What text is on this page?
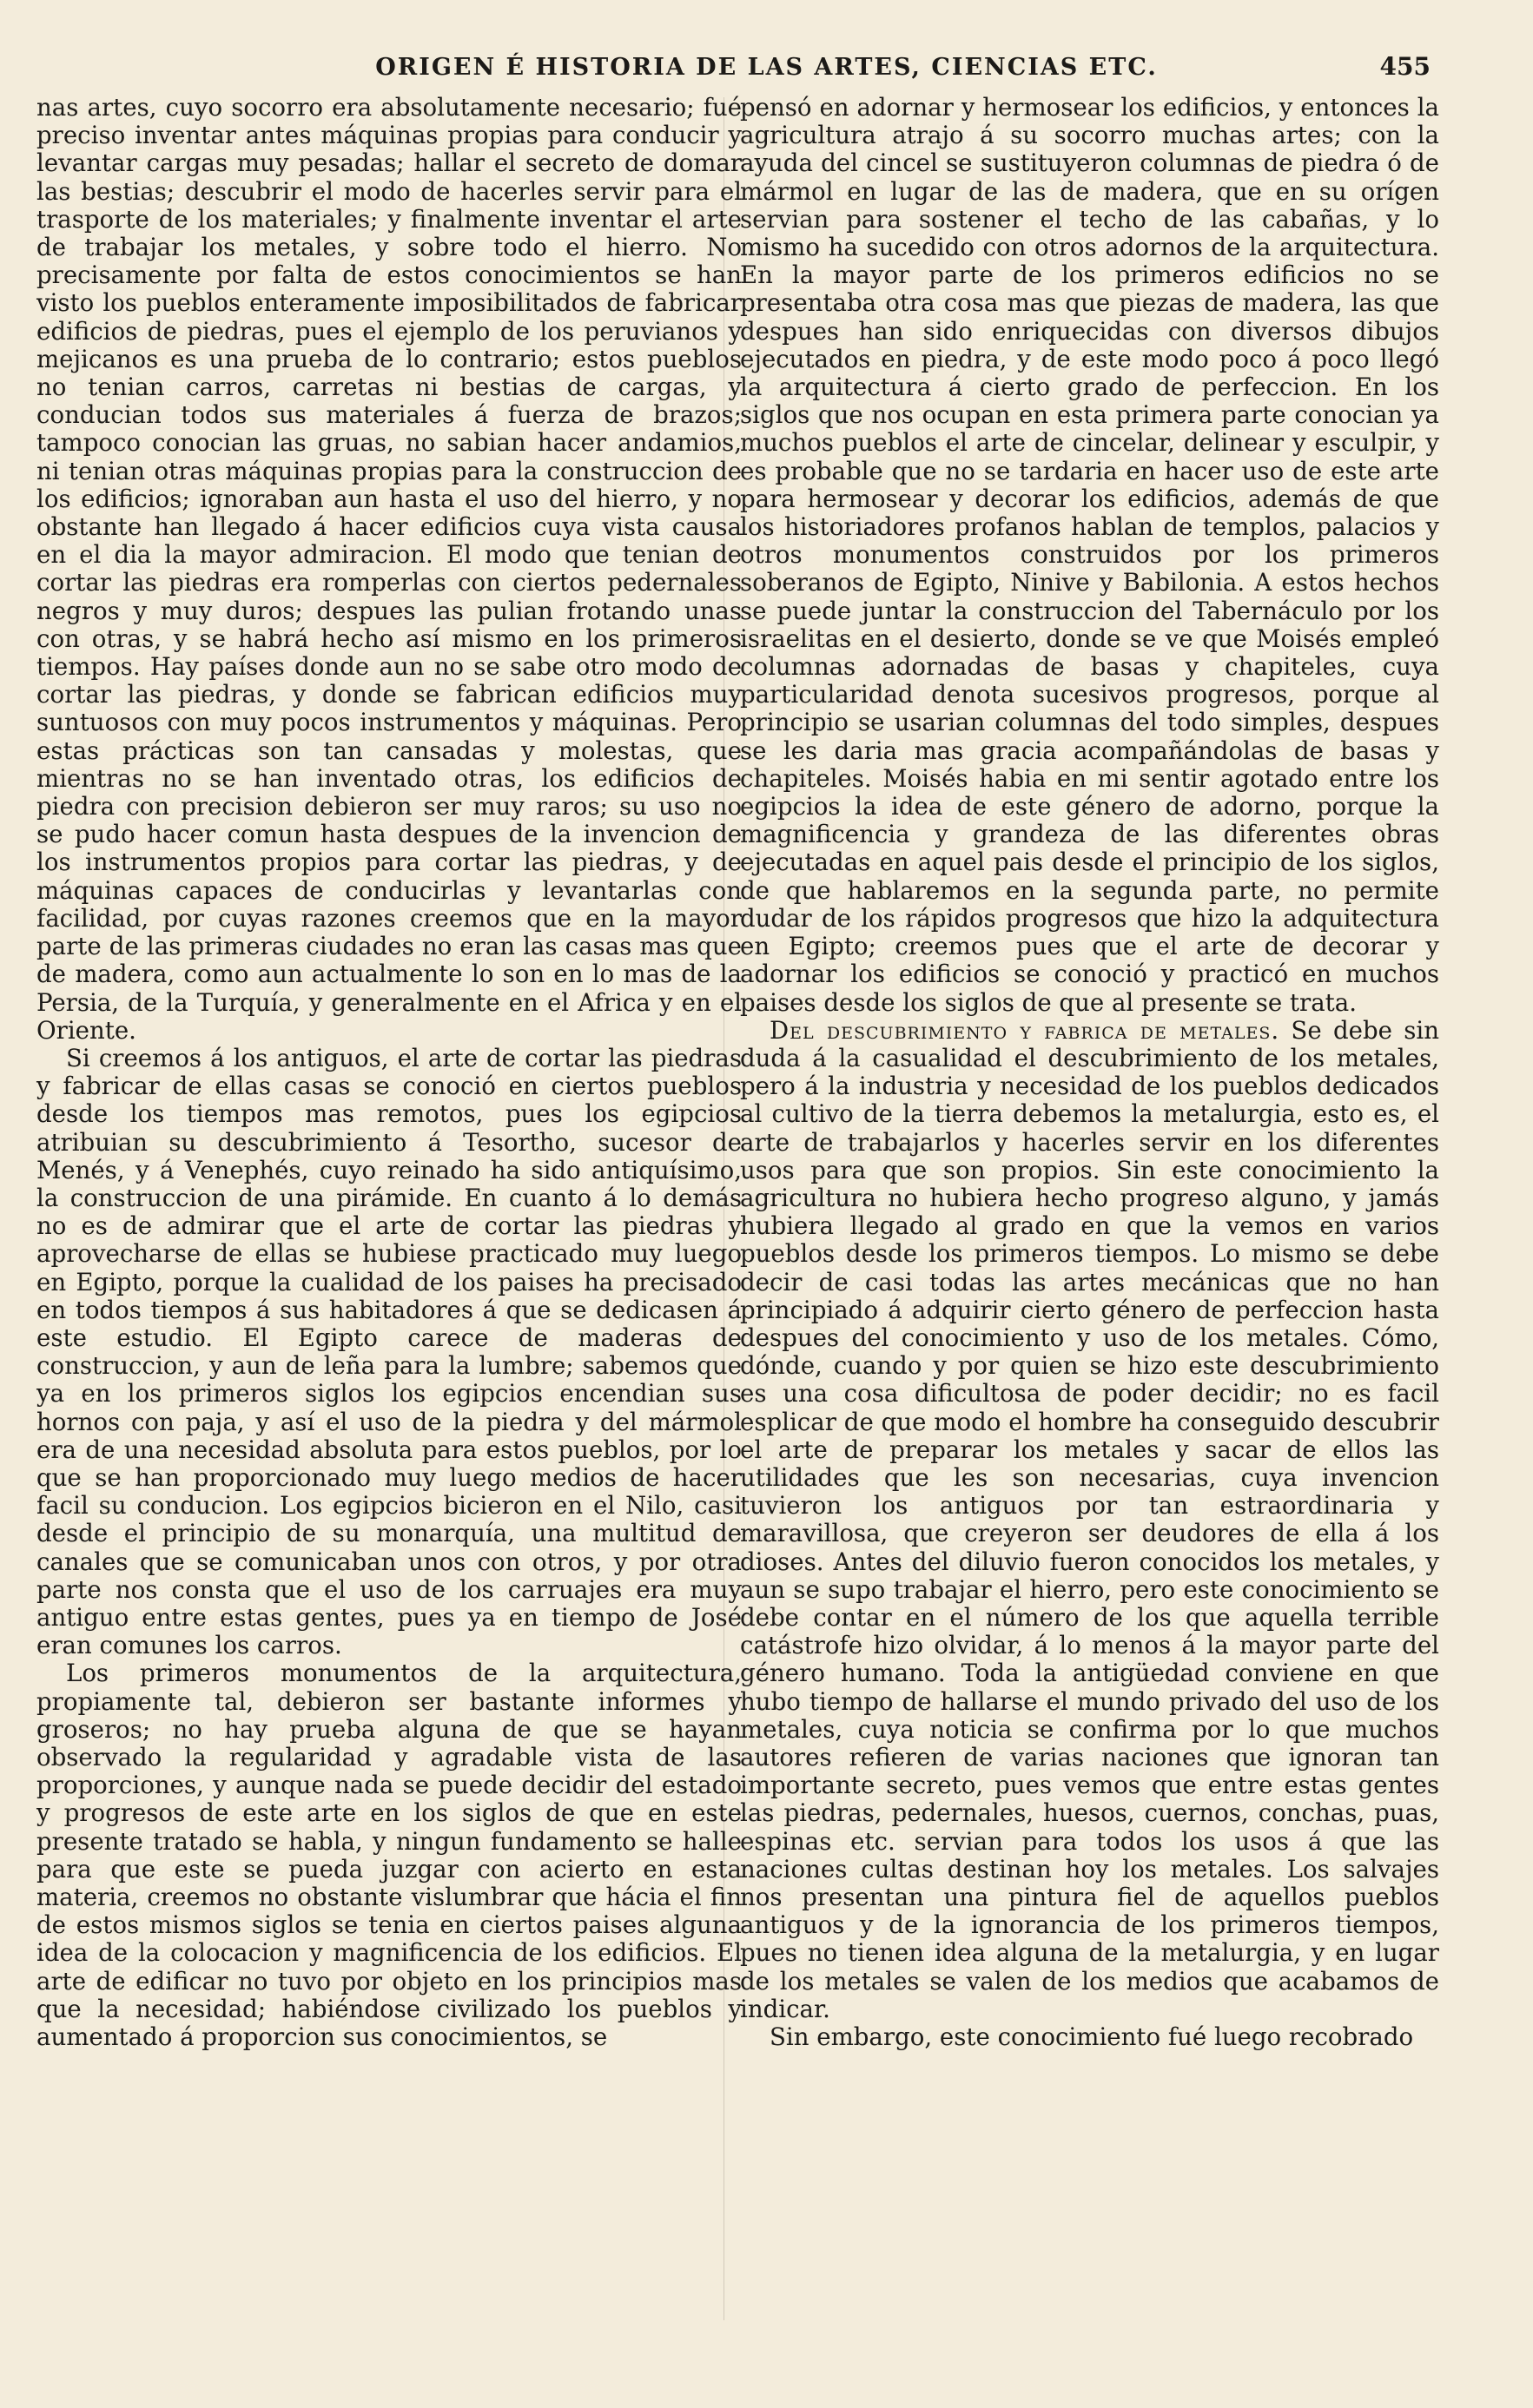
ORIGEN É HISTORIA DE LAS ARTES, CIENCIAS ETC.	455

nas artes, cuyo socorro era absolutamente necesario; fué preciso inventar antes máquinas propias para conducir y levantar cargas muy pesadas; hallar el secreto de domar las bestias; descubrir el modo de hacerles servir para el trasporte de los materiales; y finalmente inventar el arte de trabajar los metales, y sobre todo el hierro. No precisamente por falta de estos conocimientos se han visto los pueblos enteramente imposibilitados de fabricar edificios de piedras, pues el ejemplo de los peruvianos y mejicanos es una prueba de lo contrario; estos pueblos no tenian carros, carretas ni bestias de cargas, y conducian todos sus materiales á fuerza de brazos; tampoco conocian las gruas, no sabian hacer andamios, ni tenian otras máquinas propias para la construccion de los edificios; ignoraban aun hasta el uso del hierro, y no obstante han llegado á hacer edificios cuya vista causa en el dia la mayor admiracion. El modo que tenian de cortar las piedras era romperlas con ciertos pedernales negros y muy duros; despues las pulian frotando unas con otras, y se habrá hecho así mismo en los primeros tiempos. Hay países donde aun no se sabe otro modo de cortar las piedras, y donde se fabrican edificios muy suntuosos con muy pocos instrumentos y máquinas. Pero estas prácticas son tan cansadas y molestas, que mientras no se han inventado otras, los edificios de piedra con precision debieron ser muy raros; su uso no se pudo hacer comun hasta despues de la invencion de los instrumentos propios para cortar las piedras, y de máquinas capaces de conducirlas y levantarlas con facilidad, por cuyas razones creemos que en la mayor parte de las primeras ciudades no eran las casas mas que de madera, como aun actualmente lo son en lo mas de la Persia, de la Turquía, y generalmente en el Africa y en el Oriente.

Si creemos á los antiguos, el arte de cortar las piedras y fabricar de ellas casas se conoció en ciertos pueblos desde los tiempos mas remotos, pues los egipcios atribuian su descubrimiento á Tesortho, sucesor de Menés, y á Venephés, cuyo reinado ha sido antiquísimo, la construccion de una pirámide. En cuanto á lo demás no es de admirar que el arte de cortar las piedras y aprovecharse de ellas se hubiese practicado muy luego en Egipto, porque la cualidad de los paises ha precisado en todos tiempos á sus habitadores á que se dedicasen á este estudio. El Egipto carece de maderas de construccion, y aun de leña para la lumbre; sabemos que ya en los primeros siglos los egipcios encendian sus hornos con paja, y así el uso de la piedra y del mármol era de una necesidad absoluta para estos pueblos, por lo que se han proporcionado muy luego medios de hacer facil su conducion. Los egipcios bicieron en el Nilo, casi desde el principio de su monarquía, una multitud de canales que se comunicaban unos con otros, y por otra parte nos consta que el uso de los carruajes era muy antiguo entre estas gentes, pues ya en tiempo de José eran comunes los carros.

Los primeros monumentos de la arquitectura, propiamente tal, debieron ser bastante informes y groseros; no hay prueba alguna de que se hayan observado la regularidad y agradable vista de las proporciones, y aunque nada se puede decidir del estado y progresos de este arte en los siglos de que en este presente tratado se habla, y ningun fundamento se halle para que este se pueda juzgar con acierto en esta materia, creemos no obstante vislumbrar que hácia el fin de estos mismos siglos se tenia en ciertos paises alguna idea de la colocacion y magnificencia de los edificios. El arte de edificar no tuvo por objeto en los principios mas que la necesidad; habiéndose civilizado los pueblos y aumentado á proporcion sus conocimientos, se

pensó en adornar y hermosear los edificios, y entonces la agricultura atrajo á su socorro muchas artes; con la ayuda del cincel se sustituyeron columnas de piedra ó de mármol en lugar de las de madera, que en su orígen servian para sostener el techo de las cabañas, y lo mismo ha sucedido con otros adornos de la arquitectura. En la mayor parte de los primeros edificios no se presentaba otra cosa mas que piezas de madera, las que despues han sido enriquecidas con diversos dibujos ejecutados en piedra, y de este modo poco á poco llegó la arquitectura á cierto grado de perfeccion. En los siglos que nos ocupan en esta primera parte conocian ya muchos pueblos el arte de cincelar, delinear y esculpir, y es probable que no se tardaria en hacer uso de este arte para hermosear y decorar los edificios, además de que los historiadores profanos hablan de templos, palacios y otros monumentos construidos por los primeros soberanos de Egipto, Ninive y Babilonia. A estos hechos se puede juntar la construccion del Tabernáculo por los israelitas en el desierto, donde se ve que Moisés empleó columnas adornadas de basas y chapiteles, cuya particularidad denota sucesivos progresos, porque al principio se usarian columnas del todo simples, despues se les daria mas gracia acompañándolas de basas y chapiteles. Moisés habia en mi sentir agotado entre los egipcios la idea de este género de adorno, porque la magnificencia y grandeza de las diferentes obras ejecutadas en aquel pais desde el principio de los siglos, de que hablaremos en la segunda parte, no permite dudar de los rápidos progresos que hizo la adquitectura en Egipto; creemos pues que el arte de decorar y adornar los edificios se conoció y practicó en muchos paises desde los siglos de que al presente se trata.

Del descubrimiento y fabrica de metales. Se debe sin duda á la casualidad el descubrimiento de los metales, pero á la industria y necesidad de los pueblos dedicados al cultivo de la tierra debemos la metalurgia, esto es, el arte de trabajarlos y hacerles servir en los diferentes usos para que son propios. Sin este conocimiento la agricultura no hubiera hecho progreso alguno, y jamás hubiera llegado al grado en que la vemos en varios pueblos desde los primeros tiempos. Lo mismo se debe decir de casi todas las artes mecánicas que no han principiado á adquirir cierto género de perfeccion hasta despues del conocimiento y uso de los metales. Cómo, dónde, cuando y por quien se hizo este descubrimiento es una cosa dificultosa de poder decidir; no es facil esplicar de que modo el hombre ha conseguido descubrir el arte de preparar los metales y sacar de ellos las utilidades que les son necesarias, cuya invencion tuvieron los antiguos por tan estraordinaria y maravillosa, que creyeron ser deudores de ella á los dioses. Antes del diluvio fueron conocidos los metales, y aun se supo trabajar el hierro, pero este conocimiento se debe contar en el número de los que aquella terrible catástrofe hizo olvidar, á lo menos á la mayor parte del género humano. Toda la antigüedad conviene en que hubo tiempo de hallarse el mundo privado del uso de los metales, cuya noticia se confirma por lo que muchos autores refieren de varias naciones que ignoran tan importante secreto, pues vemos que entre estas gentes las piedras, pedernales, huesos, cuernos, conchas, puas, espinas etc. servian para todos los usos á que las naciones cultas destinan hoy los metales. Los salvajes nos presentan una pintura fiel de aquellos pueblos antiguos y de la ignorancia de los primeros tiempos, pues no tienen idea alguna de la metalurgia, y en lugar de los metales se valen de los medios que acabamos de indicar.

Sin embargo, este conocimiento fué luego recobrado
